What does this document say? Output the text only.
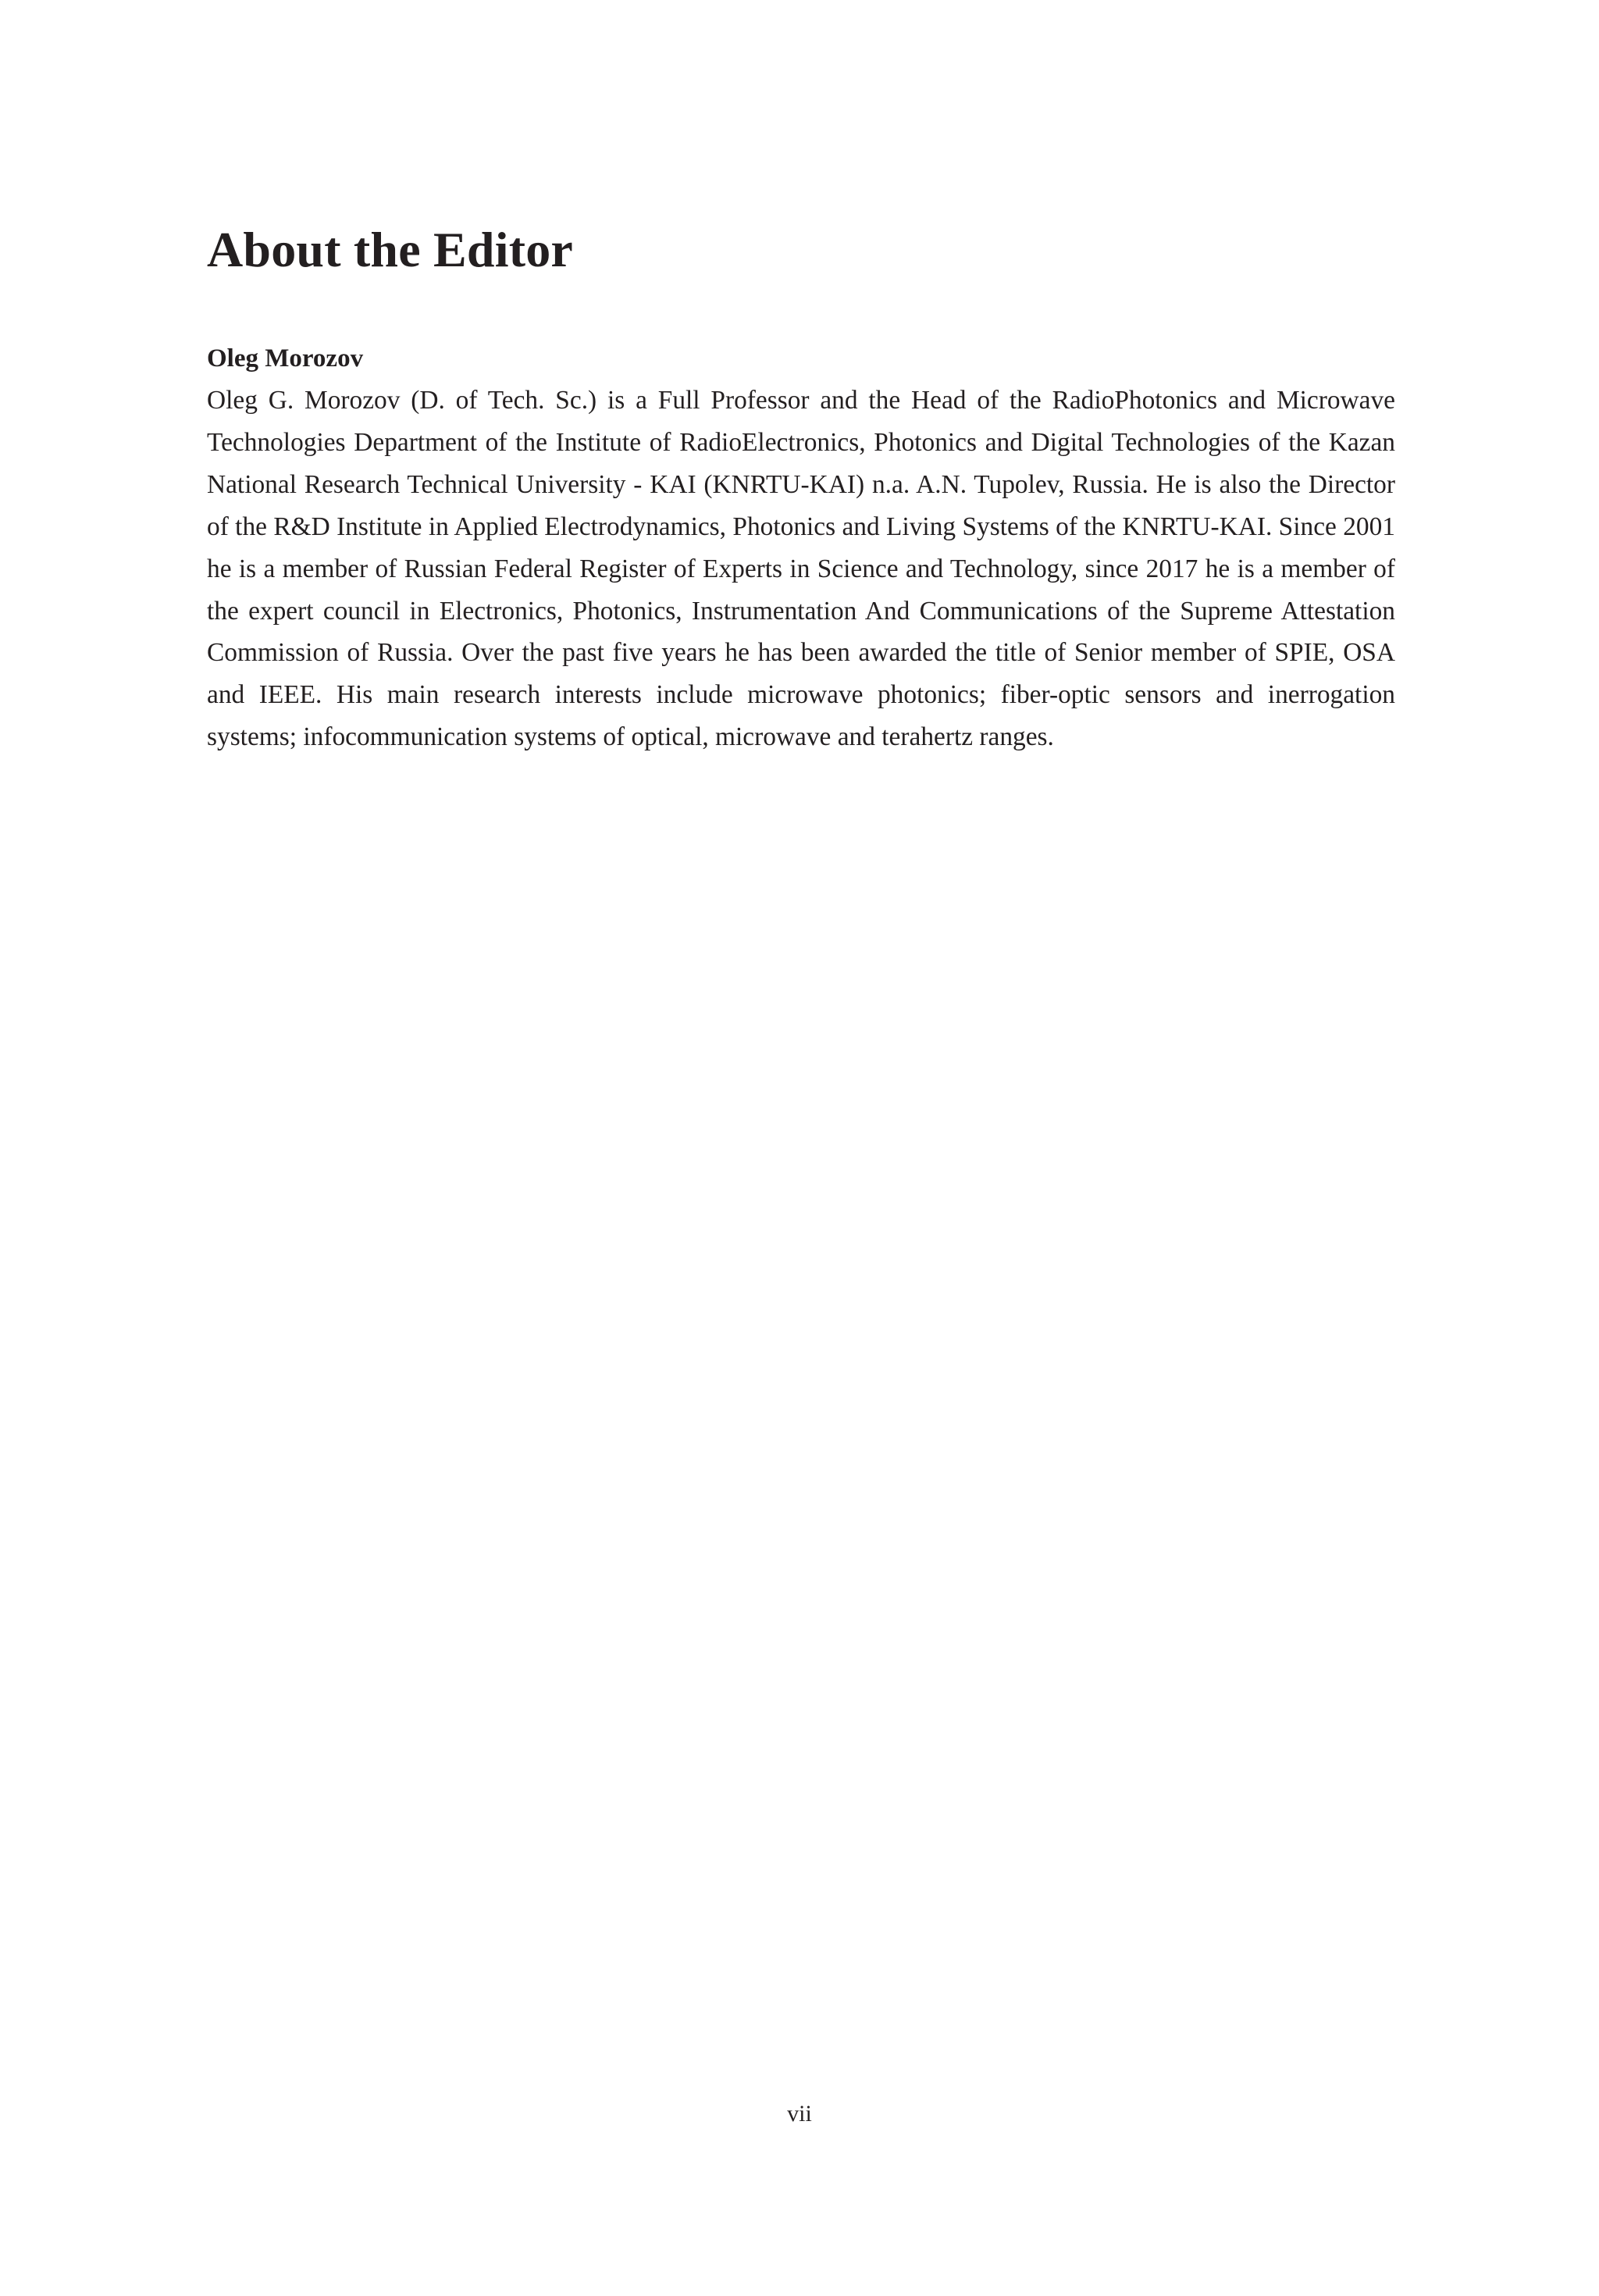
About the Editor

Oleg Morozov

Oleg G. Morozov (D. of Tech. Sc.) is a Full Professor and the Head of the RadioPhotonics and Microwave Technologies Department of the Institute of RadioElectronics, Photonics and Digital Technologies of the Kazan National Research Technical University - KAI (KNRTU-KAI) n.a. A.N. Tupolev, Russia. He is also the Director of the R&D Institute in Applied Electrodynamics, Photonics and Living Systems of the KNRTU-KAI. Since 2001 he is a member of Russian Federal Register of Experts in Science and Technology, since 2017 he is a member of the expert council in Electronics, Photonics, Instrumentation And Communications of the Supreme Attestation Commission of Russia. Over the past five years he has been awarded the title of Senior member of SPIE, OSA and IEEE. His main research interests include microwave photonics; fiber-optic sensors and inerrogation systems; infocommunication systems of optical, microwave and terahertz ranges.

vii
